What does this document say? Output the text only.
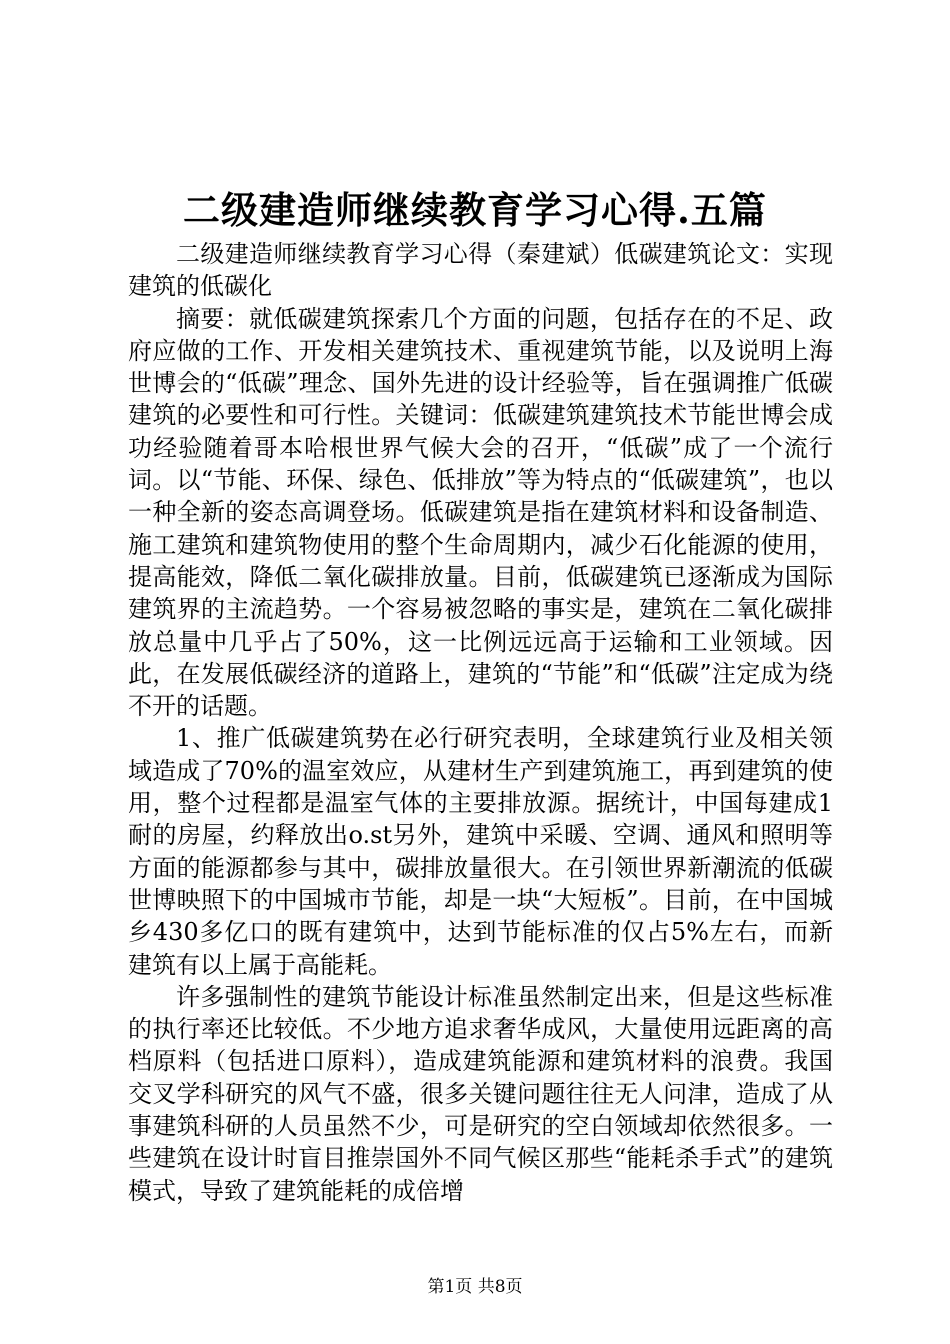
二级建造师继续教育学习心得.五篇

二级建造师继续教育学习心得（秦建斌）低碳建筑论文：实现建筑的低碳化

摘要：就低碳建筑探索几个方面的问题，包括存在的不足、政府应做的工作、开发相关建筑技术、重视建筑节能，以及说明上海世博会的“低碳”理念、国外先进的设计经验等，旨在强调推广低碳建筑的必要性和可行性。关键词：低碳建筑建筑技术节能世博会成功经验随着哥本哈根世界气候大会的召开，“低碳”成了一个流行词。以“节能、环保、绿色、低排放”等为特点的“低碳建筑”，也以一种全新的姿态高调登场。低碳建筑是指在建筑材料和设备制造、施工建筑和建筑物使用的整个生命周期内，减少石化能源的使用，提高能效，降低二氧化碳排放量。目前，低碳建筑已逐渐成为国际建筑界的主流趋势。一个容易被忽略的事实是，建筑在二氧化碳排放总量中几乎占了50%，这一比例远远高于运输和工业领域。因此，在发展低碳经济的道路上，建筑的“节能”和“低碳”注定成为绕不开的话题。

1、推广低碳建筑势在必行研究表明，全球建筑行业及相关领域造成了70%的温室效应，从建材生产到建筑施工，再到建筑的使用，整个过程都是温室气体的主要排放源。据统计，中国每建成1耐的房屋，约释放出o.st另外，建筑中采暖、空调、通风和照明等方面的能源都参与其中，碳排放量很大。在引领世界新潮流的低碳世博映照下的中国城市节能，却是一块“大短板”。目前，在中国城乡430多亿口的既有建筑中，达到节能标准的仅占5%左右，而新建筑有以上属于高能耗。

许多强制性的建筑节能设计标准虽然制定出来，但是这些标准的执行率还比较低。不少地方追求奢华成风，大量使用远距离的高档原料（包括进口原料），造成建筑能源和建筑材料的浪费。我国交叉学科研究的风气不盛，很多关键问题往往无人问津，造成了从事建筑科研的人员虽然不少，可是研究的空白领域却依然很多。一些建筑在设计时盲目推崇国外不同气候区那些“能耗杀手式”的建筑模式，导致了建筑能耗的成倍增

第1页 共8页
